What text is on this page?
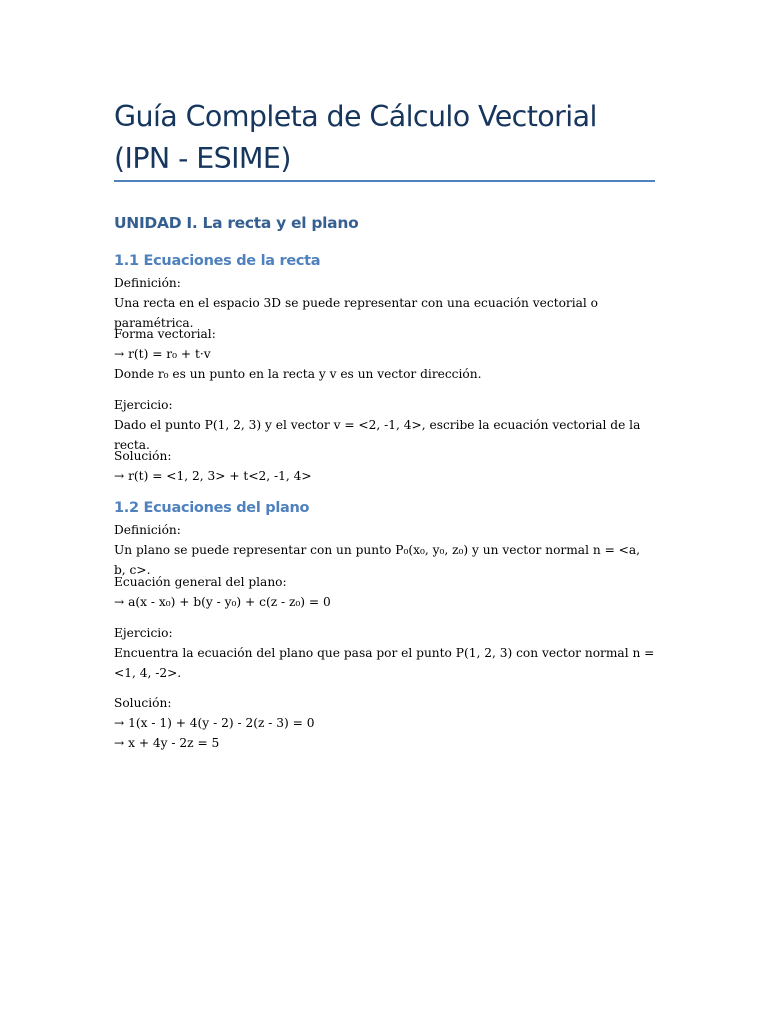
Guía Completa de Cálculo Vectorial (IPN - ESIME)
UNIDAD I. La recta y el plano
1.1 Ecuaciones de la recta
Definición:
Una recta en el espacio 3D se puede representar con una ecuación vectorial o paramétrica.
Forma vectorial:
→ r(t) = r₀ + t·v
Donde r₀ es un punto en la recta y v es un vector dirección.
Ejercicio:
Dado el punto P(1, 2, 3) y el vector v = <2, -1, 4>, escribe la ecuación vectorial de la recta.
Solución:
→ r(t) = <1, 2, 3> + t<2, -1, 4>
1.2 Ecuaciones del plano
Definición:
Un plano se puede representar con un punto P₀(x₀, y₀, z₀) y un vector normal n = <a, b, c>.
Ecuación general del plano:
→ a(x - x₀) + b(y - y₀) + c(z - z₀) = 0
Ejercicio:
Encuentra la ecuación del plano que pasa por el punto P(1, 2, 3) con vector normal n = <1, 4, -2>.
Solución:
→ 1(x - 1) + 4(y - 2) - 2(z - 3) = 0
→ x + 4y - 2z = 5
